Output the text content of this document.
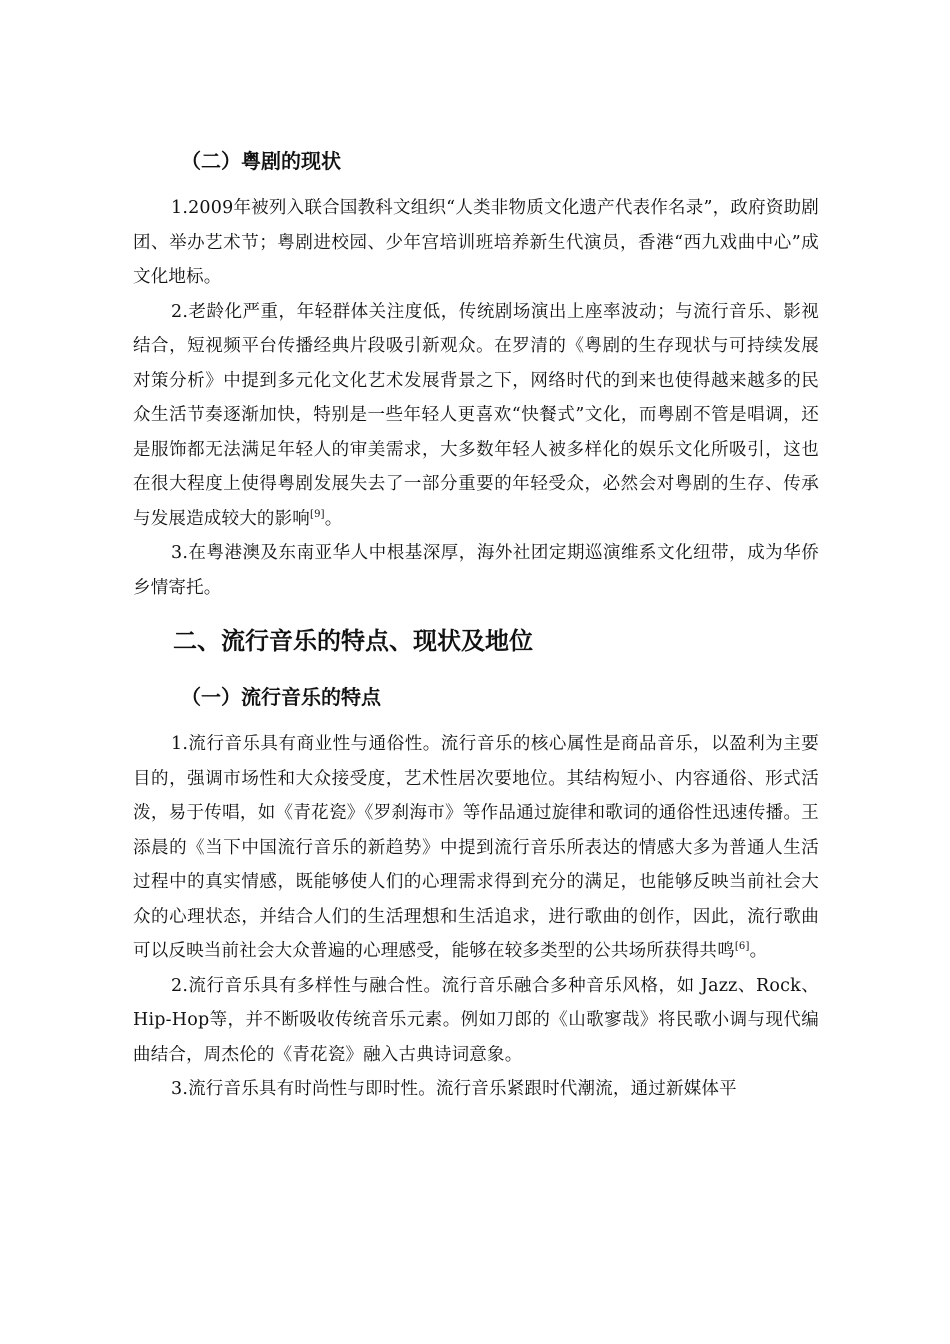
（二）粤剧的现状

1.2009年被列入联合国教科文组织“人类非物质文化遗产代表作名录”，政府资助剧团、举办艺术节；粤剧进校园、少年宫培训班培养新生代演员，香港“西九戏曲中心”成文化地标。

2.老龄化严重，年轻群体关注度低，传统剧场演出上座率波动；与流行音乐、影视结合，短视频平台传播经典片段吸引新观众。在罗清的《粤剧的生存现状与可持续发展对策分析》中提到多元化文化艺术发展背景之下，网络时代的到来也使得越来越多的民众生活节奏逐渐加快，特别是一些年轻人更喜欢“快餐式”文化，而粤剧不管是唱调，还是服饰都无法满足年轻人的审美需求，大多数年轻人被多样化的娱乐文化所吸引，这也在很大程度上使得粤剧发展失去了一部分重要的年轻受众，必然会对粤剧的生存、传承与发展造成较大的影响[9]。

3.在粤港澳及东南亚华人中根基深厚，海外社团定期巡演维系文化纽带，成为华侨乡情寄托。

二、流行音乐的特点、现状及地位
（一）流行音乐的特点

1.流行音乐具有商业性与通俗性。流行音乐的核心属性是商品音乐，以盈利为主要目的，强调市场性和大众接受度，艺术性居次要地位。其结构短小、内容通俗、形式活泼，易于传唱，如《青花瓷》《罗刹海市》等作品通过旋律和歌词的通俗性迅速传播。王添晨的《当下中国流行音乐的新趋势》中提到流行音乐所表达的情感大多为普通人生活过程中的真实情感，既能够使人们的心理需求得到充分的满足，也能够反映当前社会大众的心理状态，并结合人们的生活理想和生活追求，进行歌曲的创作，因此，流行歌曲可以反映当前社会大众普遍的心理感受，能够在较多类型的公共场所获得共鸣[6]。

2.流行音乐具有多样性与融合性。流行音乐融合多种音乐风格，如 Jazz、Rock、Hip-Hop等，并不断吸收传统音乐元素。例如刀郎的《山歌寥哉》将民歌小调与现代编曲结合，周杰伦的《青花瓷》融入古典诗词意象。

3.流行音乐具有时尚性与即时性。流行音乐紧跟时代潮流，通过新媒体平
